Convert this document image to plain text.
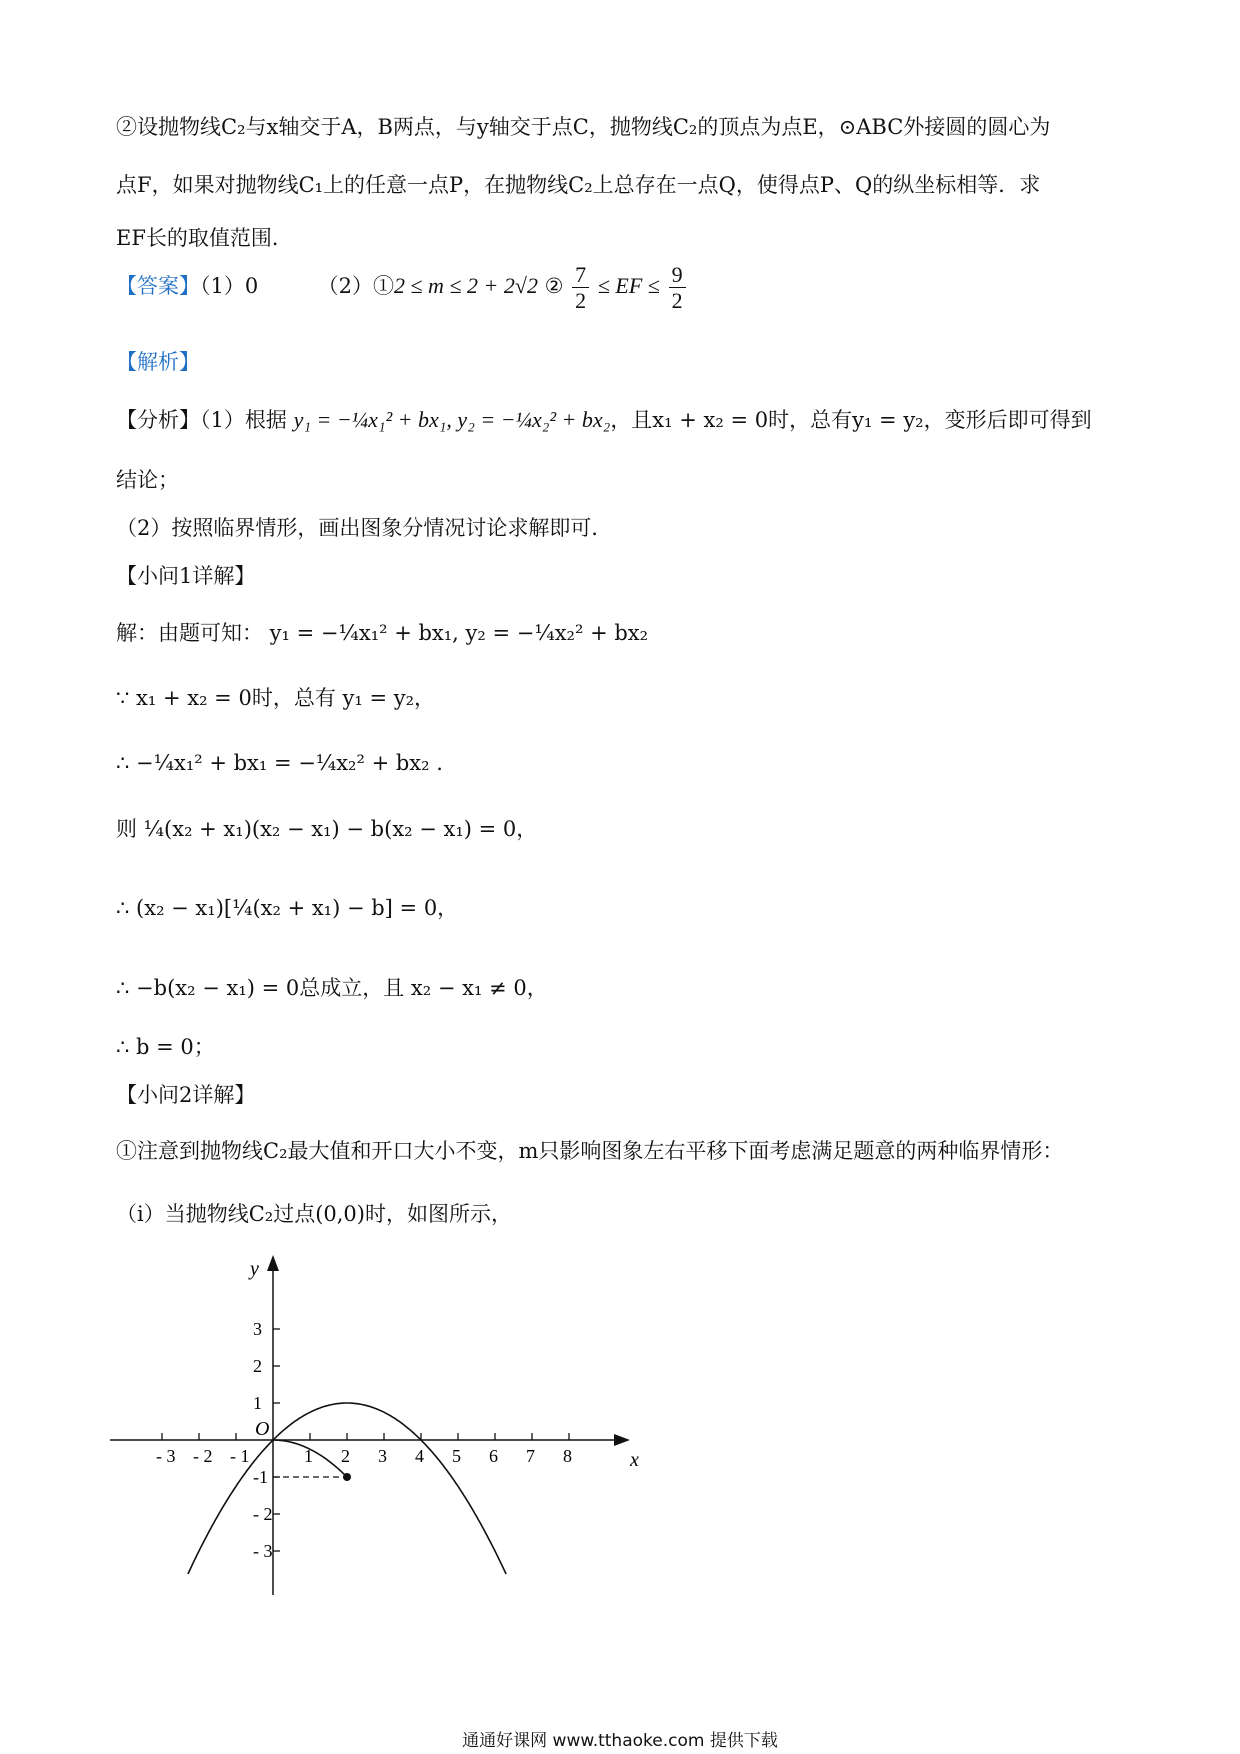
②设抛物线C₂与x轴交于A，B两点，与y轴交于点C，抛物线C₂的顶点为点E，⊙ABC外接圆的圆心为
点F，如果对抛物线C₁上的任意一点P，在抛物线C₂上总存在一点Q，使得点P、Q的纵坐标相等．求
EF长的取值范围．
【答案】（1）0	（2）①2 ≤ m ≤ 2 + 2√2 ② $\frac{7}{2}$ ≤ EF ≤ $\frac{9}{2}$
【解析】
【分析】（1）根据 y₁ = −¼x₁² + bx₁, y₂ = −¼x₂² + bx₂，且x₁ + x₂ = 0时，总有y₁ = y₂，变形后即可得到
结论；
（2）按照临界情形，画出图象分情况讨论求解即可．
【小问1详解】
解：由题可知： y₁ = −¼x₁² + bx₁, y₂ = −¼x₂² + bx₂
∵ x₁ + x₂ = 0时，总有 y₁ = y₂，
∴ −¼x₁² + bx₁ = −¼x₂² + bx₂ .
则 ¼(x₂ + x₁)(x₂ − x₁) − b(x₂ − x₁) = 0，
∴ (x₂ − x₁)[¼(x₂ + x₁) − b] = 0，
∴ −b(x₂ − x₁) = 0总成立，且 x₂ − x₁ ≠ 0，
∴ b = 0；
【小问2详解】
①注意到抛物线C₂最大值和开口大小不变，m只影响图象左右平移下面考虑满足题意的两种临界情形：
（i）当抛物线C₂过点(0,0)时，如图所示，
x
y
O
- 3 - 2 - 1	1 2 3 4 5 6 7 8
3
2
1
-1
- 2
- 3
通通好课网 www.tthaoke.com 提供下载
